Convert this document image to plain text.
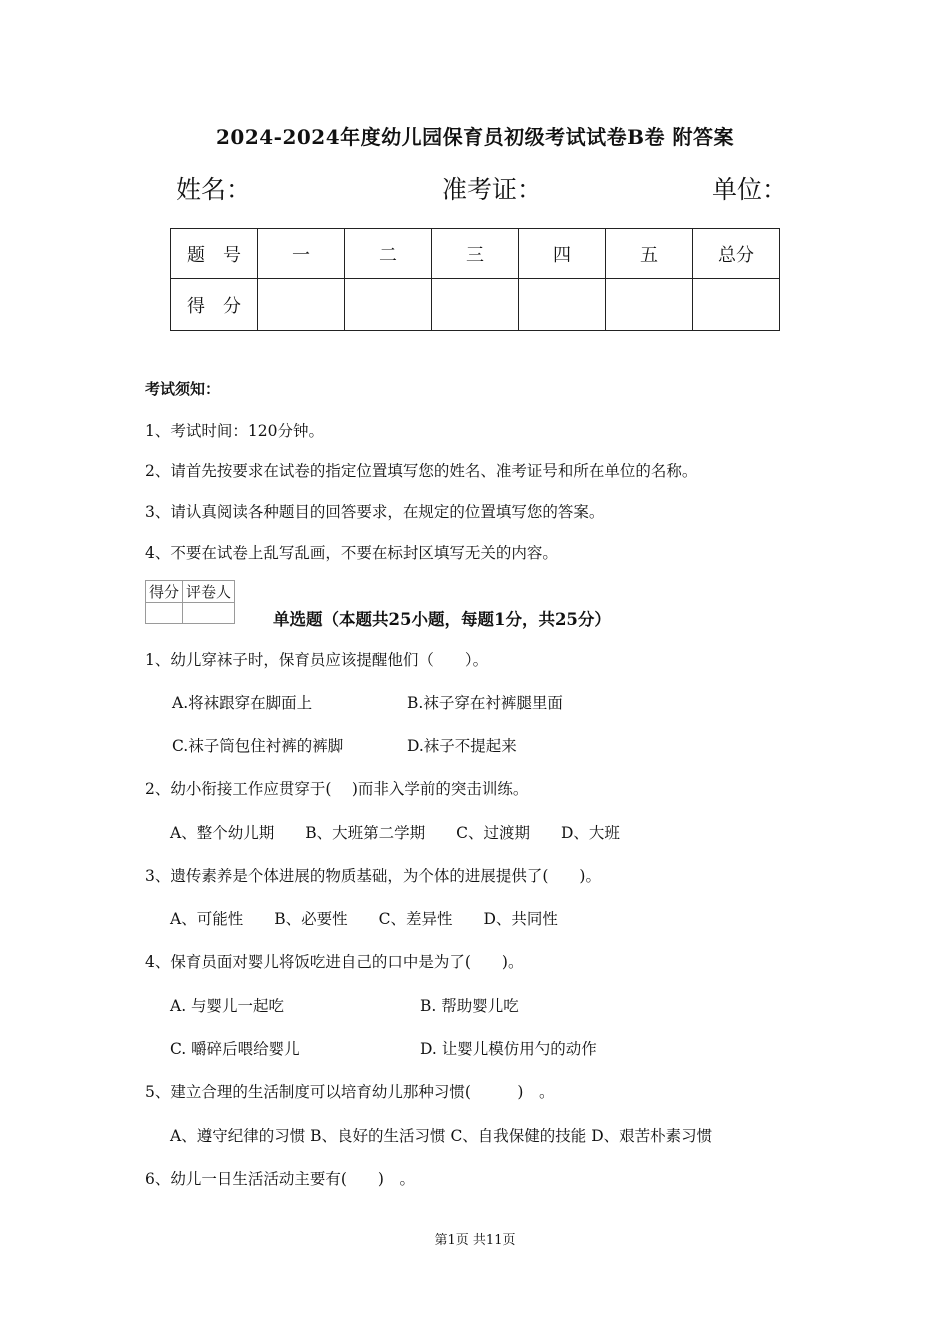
2024-2024年度幼儿园保育员初级考试试卷B卷 附答案
姓名：	准考证：	单位：
题　号	一	二	三	四	五	总分
得　分						
考试须知：
1、考试时间：120分钟。
2、请首先按要求在试卷的指定位置填写您的姓名、准考证号和所在单位的名称。
3、请认真阅读各种题目的回答要求，在规定的位置填写您的答案。
4、不要在试卷上乱写乱画，不要在标封区填写无关的内容。
得分	评卷人

单选题（本题共25小题，每题1分，共25分）
1、幼儿穿袜子时，保育员应该提醒他们（　　）。
A.将袜跟穿在脚面上	B.袜子穿在衬裤腿里面
C.袜子筒包住衬裤的裤脚	D.袜子不提起来
2、幼小衔接工作应贯穿于(　 )而非入学前的突击训练。
A、整个幼儿期　　B、大班第二学期　　C、过渡期　　D、大班
3、遗传素养是个体进展的物质基础，为个体的进展提供了(　　)。
A、可能性　　B、必要性　　C、差异性　　D、共同性
4、保育员面对婴儿将饭吃进自己的口中是为了(　　)。
A. 与婴儿一起吃	B. 帮助婴儿吃
C. 嚼碎后喂给婴儿	D. 让婴儿模仿用勺的动作
5、建立合理的生活制度可以培育幼儿那种习惯(　　　)　。
A、遵守纪律的习惯 B、良好的生活习惯 C、自我保健的技能 D、艰苦朴素习惯
6、幼儿一日生活活动主要有(　　)　。
第1页 共11页
